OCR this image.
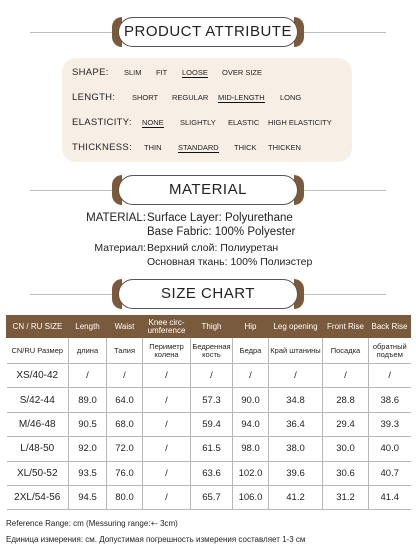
PRODUCT ATTRIBUTE
SHAPE:	SLIM FIT LOOSE OVER SIZE
LENGTH:	SHORT REGULAR MID-LENGTH LONG
ELASTICITY:	NONE SLIGHTLY ELASTIC HIGH ELASTICITY
THICKNESS:	THIN STANDARD THICK THICKEN
MATERIAL
MATERIAL: Surface Layer: Polyurethane
Base Fabric: 100% Polyester
Материал: Верхний слой: Полиуретан
Основная ткань: 100% Полиэстер
SIZE CHART
CN / RU SIZE	Length	Waist	Knee circ-umference	Thigh	Hip	Leg opening	Front Rise	Back Rise
CN/RU Размер	длина	Талия	Периметр колена	Бедренная кость	Бедра	Край штанины	Посадка	обратный подъем
XS/40-42	/	/	/	/	/	/	/	/
S/42-44	89.0	64.0	/	57.3	90.0	34.8	28.8	38.6
M/46-48	90.5	68.0	/	59.4	94.0	36.4	29.4	39.3
L/48-50	92.0	72.0	/	61.5	98.0	38.0	30.0	40.0
XL/50-52	93.5	76.0	/	63.6	102.0	39.6	30.6	40.7
2XL/54-56	94.5	80.0	/	65.7	106.0	41.2	31.2	41.4
Reference Range: cm (Messuring range:+- 3cm)
Единица измерения: см. Допустимая погрешность измерения составляет 1-3 см
